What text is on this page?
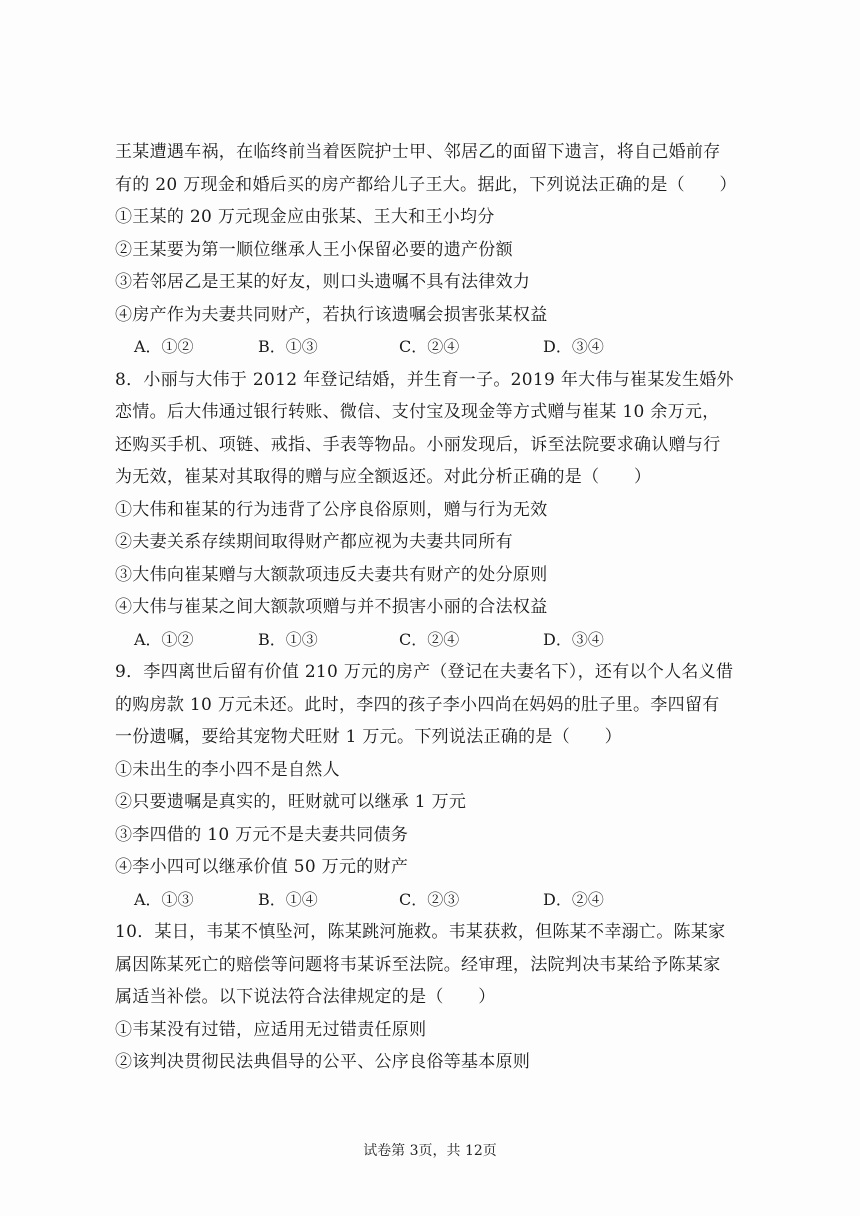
王某遭遇车祸，在临终前当着医院护士甲、邻居乙的面留下遗言，将自己婚前存
有的 20 万现金和婚后买的房产都给儿子王大。据此，下列说法正确的是（　　）
①王某的 20 万元现金应由张某、王大和王小均分
②王某要为第一顺位继承人王小保留必要的遗产份额
③若邻居乙是王某的好友，则口头遗嘱不具有法律效力
④房产作为夫妻共同财产，若执行该遗嘱会损害张某权益
A．①②	B．①③	C．②④	D．③④
8．小丽与大伟于 2012 年登记结婚，并生育一子。2019 年大伟与崔某发生婚外
恋情。后大伟通过银行转账、微信、支付宝及现金等方式赠与崔某 10 余万元，
还购买手机、项链、戒指、手表等物品。小丽发现后，诉至法院要求确认赠与行
为无效，崔某对其取得的赠与应全额返还。对此分析正确的是（　　）
①大伟和崔某的行为违背了公序良俗原则，赠与行为无效
②夫妻关系存续期间取得财产都应视为夫妻共同所有
③大伟向崔某赠与大额款项违反夫妻共有财产的处分原则
④大伟与崔某之间大额款项赠与并不损害小丽的合法权益
A．①②	B．①③	C．②④	D．③④
9．李四离世后留有价值 210 万元的房产（登记在夫妻名下），还有以个人名义借
的购房款 10 万元未还。此时，李四的孩子李小四尚在妈妈的肚子里。李四留有
一份遗嘱，要给其宠物犬旺财 1 万元。下列说法正确的是（　　）
①未出生的李小四不是自然人
②只要遗嘱是真实的，旺财就可以继承 1 万元
③李四借的 10 万元不是夫妻共同债务
④李小四可以继承价值 50 万元的财产
A．①③	B．①④	C．②③	D．②④
10．某日，韦某不慎坠河，陈某跳河施救。韦某获救，但陈某不幸溺亡。陈某家
属因陈某死亡的赔偿等问题将韦某诉至法院。经审理，法院判决韦某给予陈某家
属适当补偿。以下说法符合法律规定的是（　　）
①韦某没有过错，应适用无过错责任原则
②该判决贯彻民法典倡导的公平、公序良俗等基本原则
试卷第 3页，共 12页
